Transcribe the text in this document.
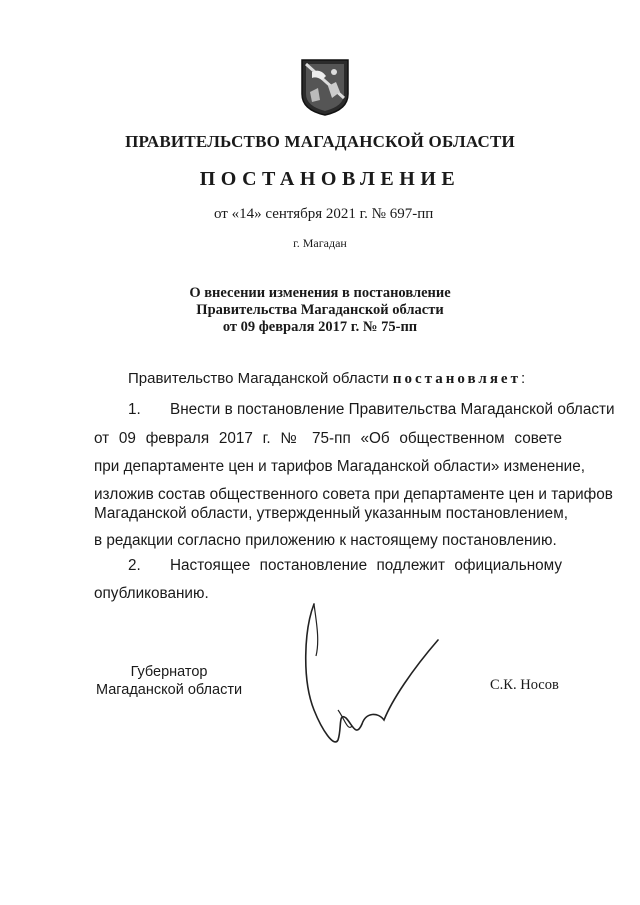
ПРАВИТЕЛЬСТВО МАГАДАНСКОЙ ОБЛАСТИ
ПОСТАНОВЛЕНИЕ
от «14» сентября 2021 г. № 697-пп
г. Магадан
О внесении изменения в постановление
Правительства Магаданской области
от 09 февраля 2017 г. № 75-пп
Правительство Магаданской области постановляет:
1. Внести в постановление Правительства Магаданской области
от 09 февраля 2017 г. № 75-пп «Об общественном совете
при департаменте цен и тарифов Магаданской области» изменение,
изложив состав общественного совета при департаменте цен и тарифов
Магаданской области, утвержденный указанным постановлением,
в редакции согласно приложению к настоящему постановлению.
2.	Настоящее постановление подлежит официальному
опубликованию.
Губернатор
Магаданской области	С.К. Носов
